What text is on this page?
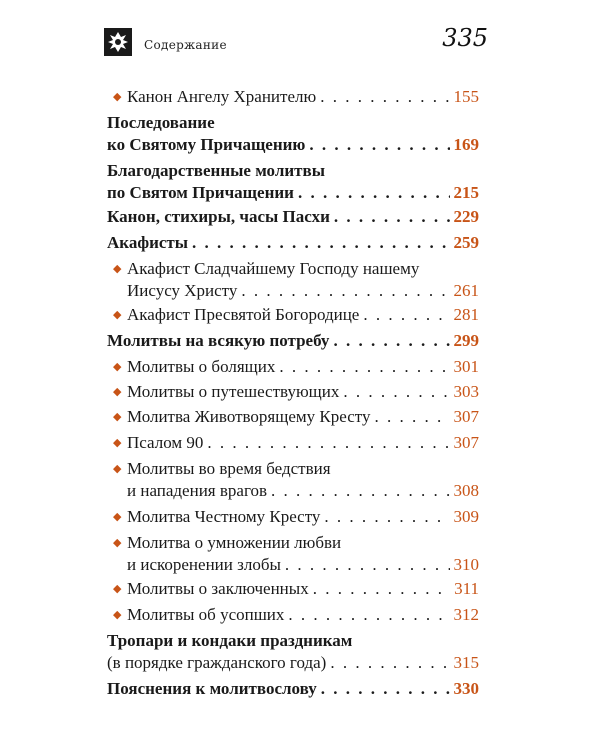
Содержание	335
◆ Канон Ангелу Хранителю . . .	155
Последование
ко Святому Причащению . . .	169
Благодарственные молитвы
по Святом Причащении . . .	215
Канон, стихиры, часы Пасхи . . .	229
Акафисты . . .	259
◆ Акафист Сладчайшему Господу нашему
Иисусу Христу . . .	261
◆ Акафист Пресвятой Богородице . . .	281
Молитвы на всякую потребу . . .	299
◆ Молитвы о болящих . . .	301
◆ Молитвы о путешествующих . . .	303
◆ Молитва Животворящему Кресту . . .	307
◆ Псалом 90 . . .	307
◆ Молитвы во время бедствия
и нападения врагов . . .	308
◆ Молитва Честному Кресту . . .	309
◆ Молитва о умножении любви
и искоренении злобы . . .	310
◆ Молитвы о заключенных . . .	311
◆ Молитвы об усопших . . .	312
Тропари и кондаки праздникам
(в порядке гражданского года) . . .	315
Пояснения к молитвослову . . .	330
